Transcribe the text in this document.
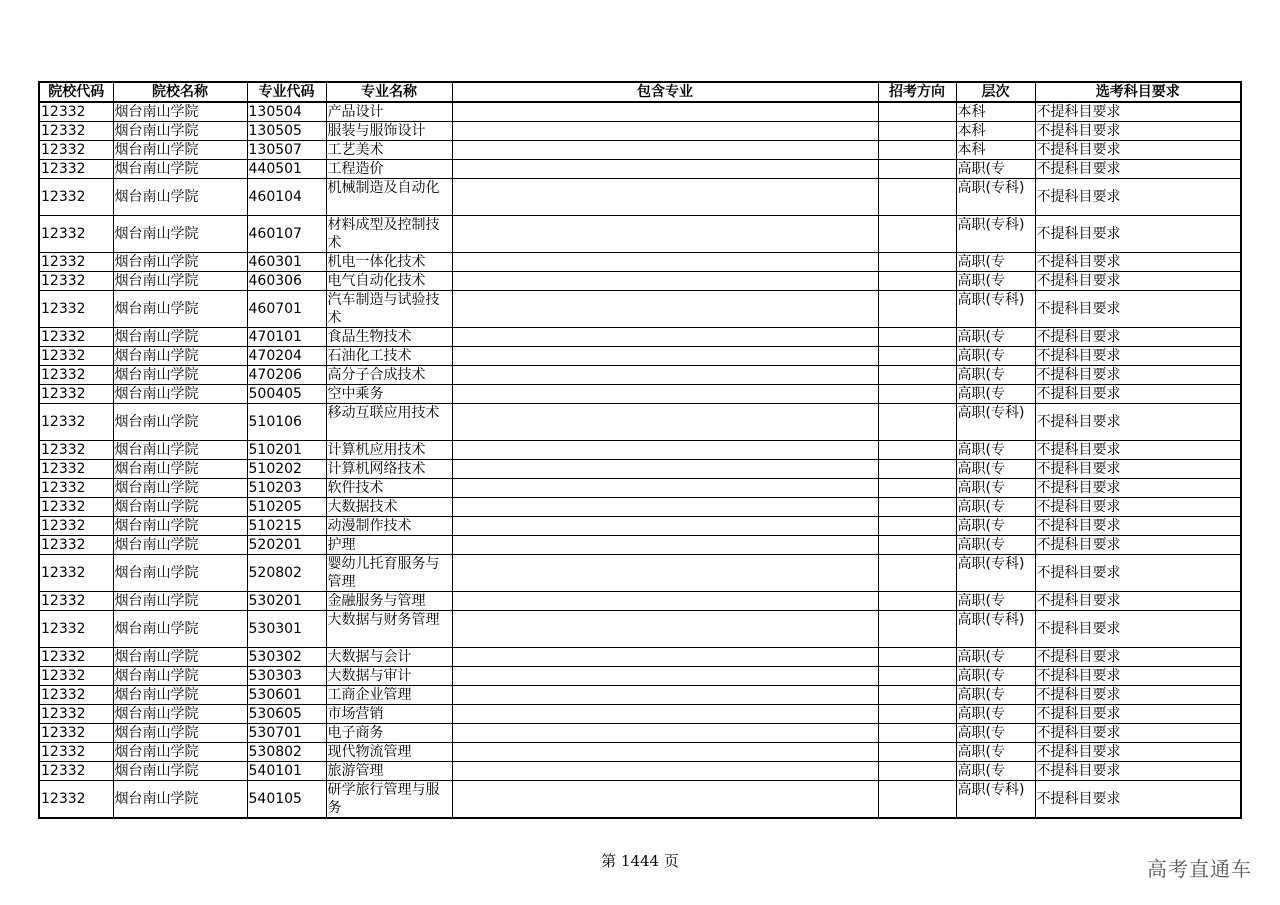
院校代码	院校名称	专业代码	专业名称	包含专业	招考方向	层次	选考科目要求
12332	烟台南山学院	130504	产品设计			本科	不提科目要求
12332	烟台南山学院	130505	服装与服饰设计			本科	不提科目要求
12332	烟台南山学院	130507	工艺美术			本科	不提科目要求
12332	烟台南山学院	440501	工程造价			高职(专	不提科目要求
12332	烟台南山学院	460104	机械制造及自动化			高职(专科)	不提科目要求
12332	烟台南山学院	460107	材料成型及控制技术			高职(专科)	不提科目要求
12332	烟台南山学院	460301	机电一体化技术			高职(专	不提科目要求
12332	烟台南山学院	460306	电气自动化技术			高职(专	不提科目要求
12332	烟台南山学院	460701	汽车制造与试验技术			高职(专科)	不提科目要求
12332	烟台南山学院	470101	食品生物技术			高职(专	不提科目要求
12332	烟台南山学院	470204	石油化工技术			高职(专	不提科目要求
12332	烟台南山学院	470206	高分子合成技术			高职(专	不提科目要求
12332	烟台南山学院	500405	空中乘务			高职(专	不提科目要求
12332	烟台南山学院	510106	移动互联应用技术			高职(专科)	不提科目要求
12332	烟台南山学院	510201	计算机应用技术			高职(专	不提科目要求
12332	烟台南山学院	510202	计算机网络技术			高职(专	不提科目要求
12332	烟台南山学院	510203	软件技术			高职(专	不提科目要求
12332	烟台南山学院	510205	大数据技术			高职(专	不提科目要求
12332	烟台南山学院	510215	动漫制作技术			高职(专	不提科目要求
12332	烟台南山学院	520201	护理			高职(专	不提科目要求
12332	烟台南山学院	520802	婴幼儿托育服务与管理			高职(专科)	不提科目要求
12332	烟台南山学院	530201	金融服务与管理			高职(专	不提科目要求
12332	烟台南山学院	530301	大数据与财务管理			高职(专科)	不提科目要求
12332	烟台南山学院	530302	大数据与会计			高职(专	不提科目要求
12332	烟台南山学院	530303	大数据与审计			高职(专	不提科目要求
12332	烟台南山学院	530601	工商企业管理			高职(专	不提科目要求
12332	烟台南山学院	530605	市场营销			高职(专	不提科目要求
12332	烟台南山学院	530701	电子商务			高职(专	不提科目要求
12332	烟台南山学院	530802	现代物流管理			高职(专	不提科目要求
12332	烟台南山学院	540101	旅游管理			高职(专	不提科目要求
12332	烟台南山学院	540105	研学旅行管理与服务			高职(专科)	不提科目要求
第 1444 页	高考直通车
